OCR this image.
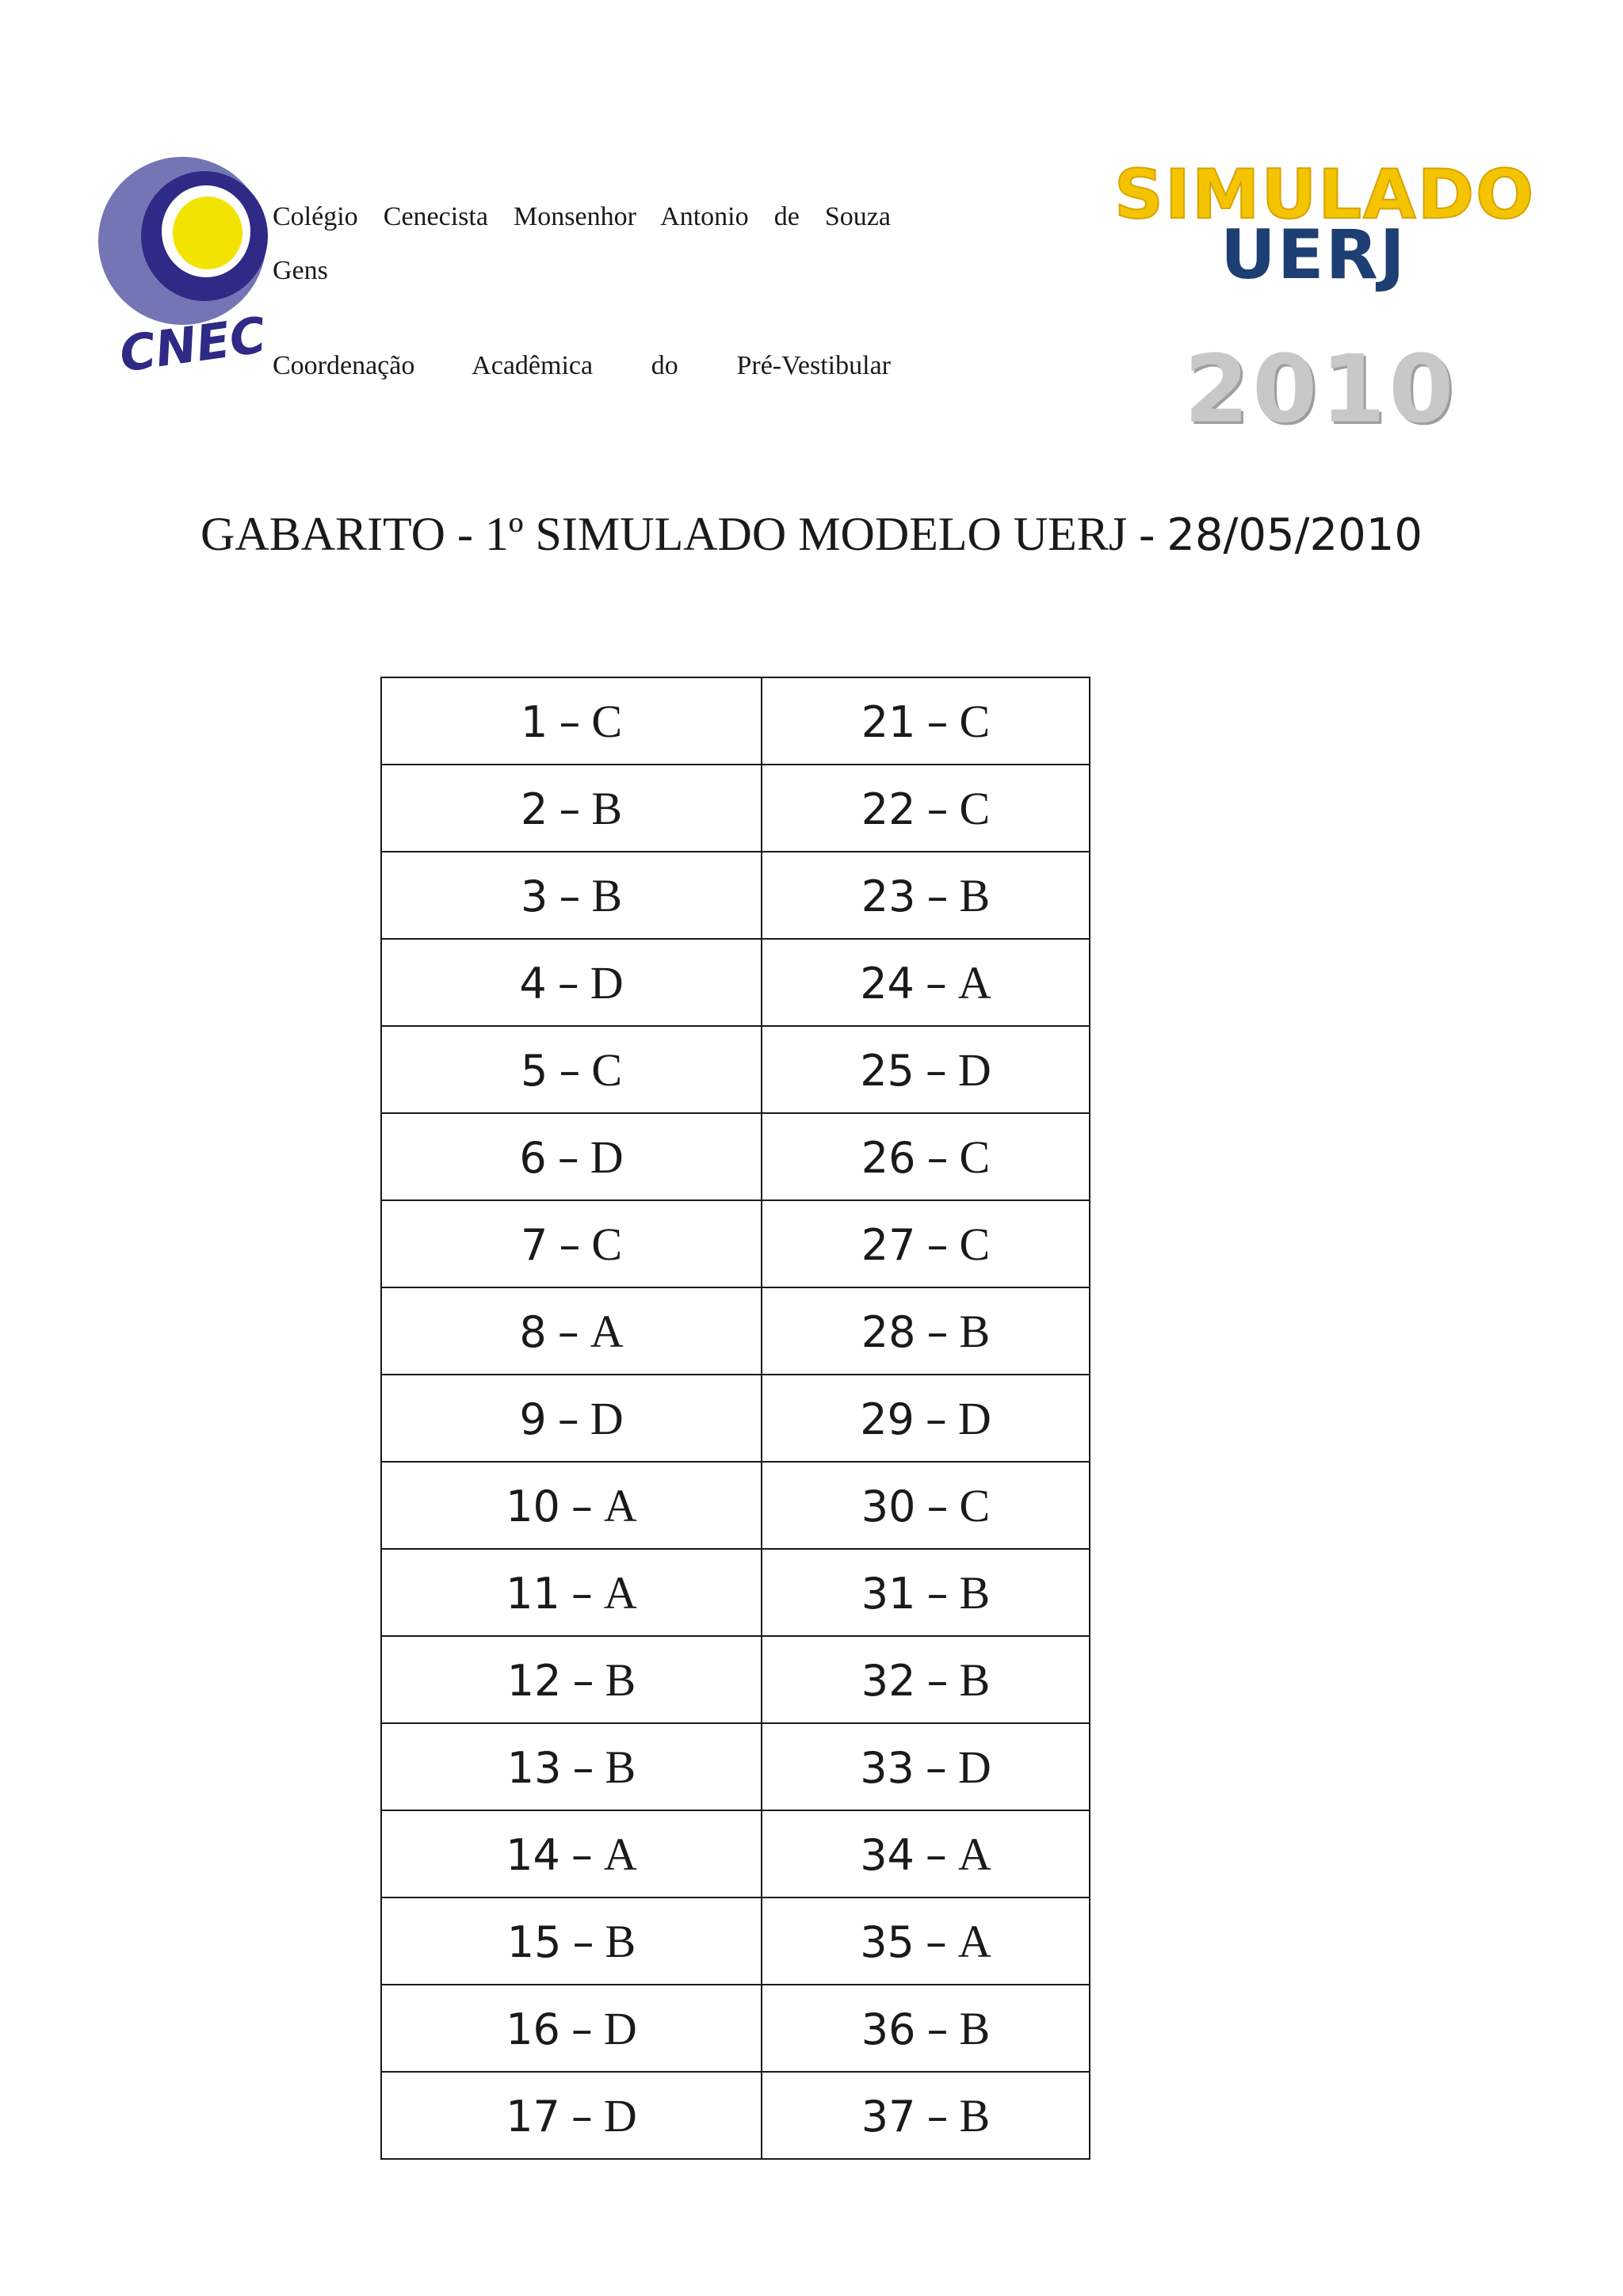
CNEC
Colégio Cenecista Monsenhor Antonio de Souza
Gens
Coordenação Acadêmica do Pré-Vestibular
SIMULADO
UERJ
2010
GABARITO - 1º SIMULADO MODELO UERJ - 28/05/2010
1 – C	21 – C
2 – B	22 – C
3 – B	23 – B
4 – D	24 – A
5 – C	25 – D
6 – D	26 – C
7 – C	27 – C
8 – A	28 – B
9 – D	29 – D
10 – A	30 – C
11 – A	31 – B
12 – B	32 – B
13 – B	33 – D
14 – A	34 – A
15 – B	35 – A
16 – D	36 – B
17 – D	37 – B
